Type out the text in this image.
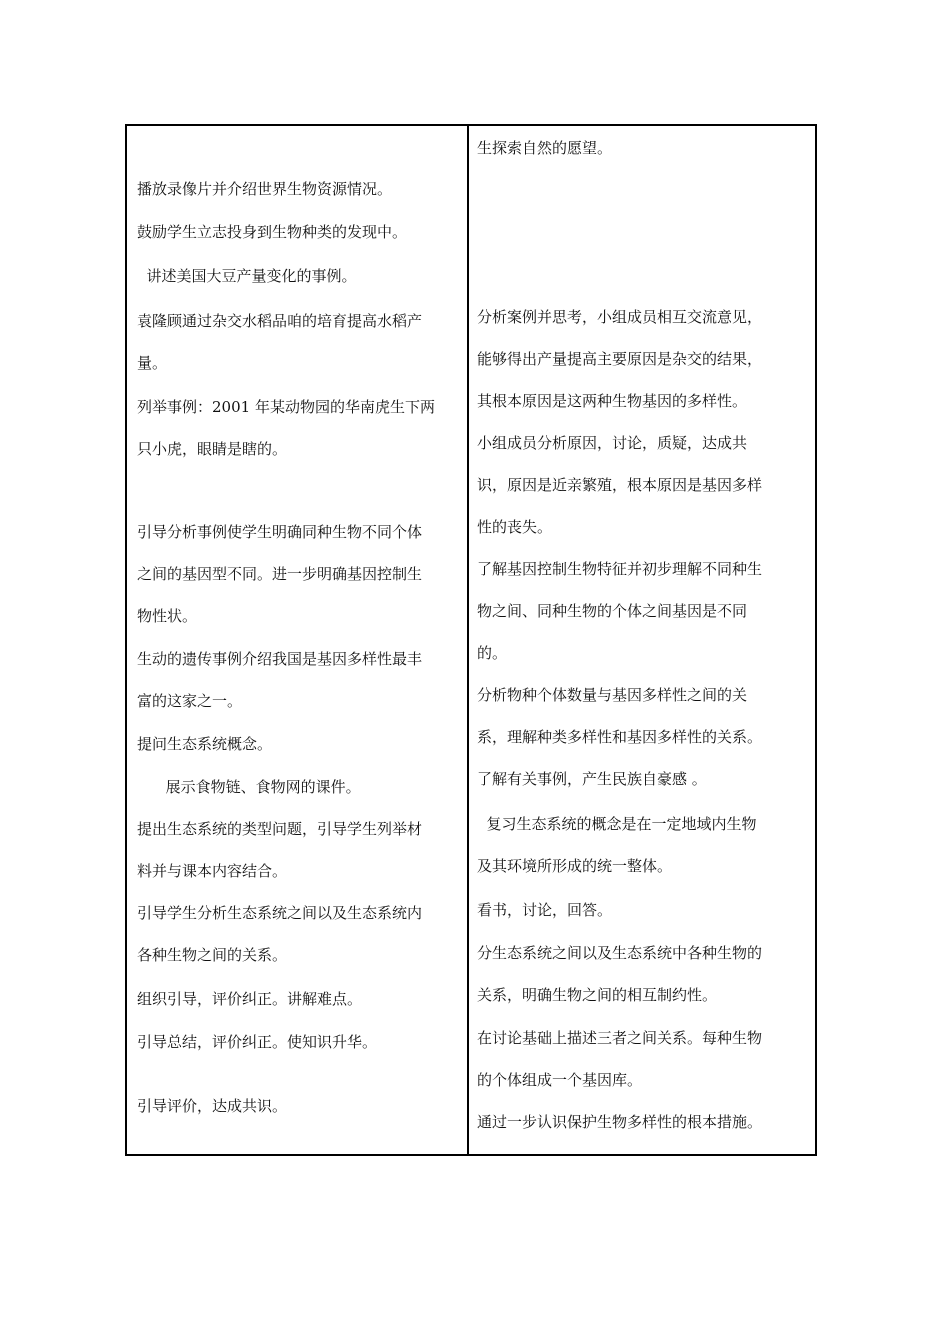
播放录像片并介绍世界生物资源情况。
鼓励学生立志投身到生物种类的发现中。
讲述美国大豆产量变化的事例。
袁隆顾通过杂交水稻品咱的培育提高水稻产
量。
列举事例：2001 年某动物园的华南虎生下两
只小虎，眼睛是瞎的。
引导分析事例使学生明确同种生物不同个体
之间的基因型不同。进一步明确基因控制生
物性状。
生动的遗传事例介绍我国是基因多样性最丰
富的这家之一。
提问生态系统概念。
展示食物链、食物网的课件。
提出生态系统的类型问题，引导学生列举材
料并与课本内容结合。
引导学生分析生态系统之间以及生态系统内
各种生物之间的关系。
组织引导，评价纠正。讲解难点。
引导总结，评价纠正。使知识升华。
引导评价，达成共识。
生探索自然的愿望。
分析案例并思考，小组成员相互交流意见，
能够得出产量提高主要原因是杂交的结果，
其根本原因是这两种生物基因的多样性。
小组成员分析原因，讨论，质疑，达成共
识，原因是近亲繁殖，根本原因是基因多样
性的丧失。
了解基因控制生物特征并初步理解不同种生
物之间、同种生物的个体之间基因是不同
的。
分析物种个体数量与基因多样性之间的关
系，理解种类多样性和基因多样性的关系。
了解有关事例，产生民族自豪感 。
复习生态系统的概念是在一定地域内生物
及其环境所形成的统一整体。
看书，讨论，回答。
分生态系统之间以及生态系统中各种生物的
关系，明确生物之间的相互制约性。
在讨论基础上描述三者之间关系。每种生物
的个体组成一个基因库。
通过一步认识保护生物多样性的根本措施。
